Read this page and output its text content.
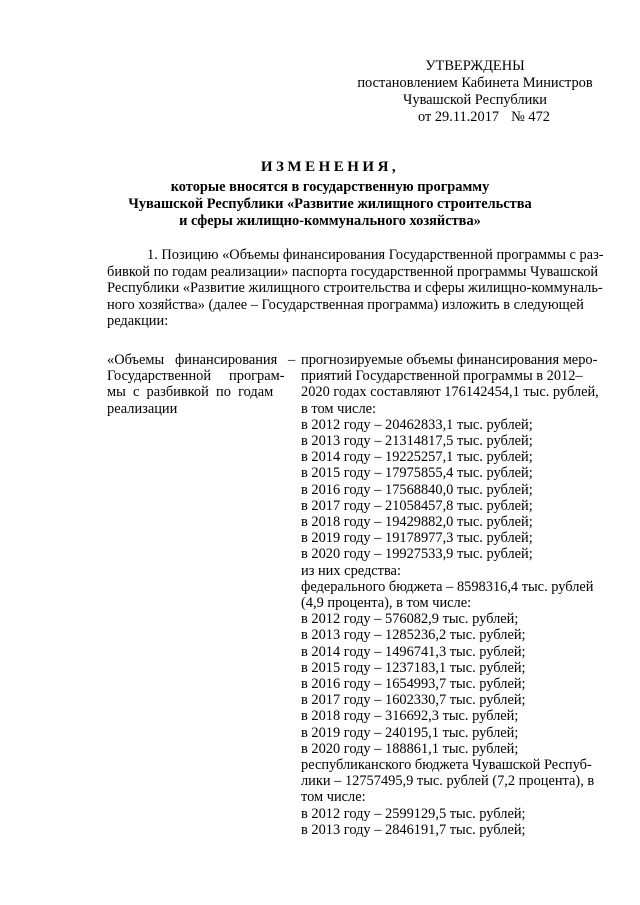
УТВЕРЖДЕНЫ
постановлением Кабинета Министров
Чувашской Республики
от 29.11.2017 № 472
ИЗМЕНЕНИЯ,
которые вносятся в государственную программу
Чувашской Республики «Развитие жилищного строительства
и сферы жилищно-коммунального хозяйства»
1. Позицию «Объемы финансирования Государственной программы с раз-
бивкой по годам реализации» паспорта государственной программы Чувашской
Республики «Развитие жилищного строительства и сферы жилищно-коммуналь-
ного хозяйства» (далее – Государственная программа) изложить в следующей
редакции:
«Объемы   финансирования   –
Государственной     програм-
мы  с  разбивкой  по  годам
реализации
прогнозируемые объемы финансирования меро-
приятий Государственной программы в 2012–
2020 годах составляют 176142454,1 тыс. рублей,
в том числе:
в 2012 году – 20462833,1 тыс. рублей;
в 2013 году – 21314817,5 тыс. рублей;
в 2014 году – 19225257,1 тыс. рублей;
в 2015 году – 17975855,4 тыс. рублей;
в 2016 году – 17568840,0 тыс. рублей;
в 2017 году – 21058457,8 тыс. рублей;
в 2018 году – 19429882,0 тыс. рублей;
в 2019 году – 19178977,3 тыс. рублей;
в 2020 году – 19927533,9 тыс. рублей;
из них средства:
федерального бюджета – 8598316,4 тыс. рублей
(4,9 процента), в том числе:
в 2012 году – 576082,9 тыс. рублей;
в 2013 году – 1285236,2 тыс. рублей;
в 2014 году – 1496741,3 тыс. рублей;
в 2015 году – 1237183,1 тыс. рублей;
в 2016 году – 1654993,7 тыс. рублей;
в 2017 году – 1602330,7 тыс. рублей;
в 2018 году – 316692,3 тыс. рублей;
в 2019 году – 240195,1 тыс. рублей;
в 2020 году – 188861,1 тыс. рублей;
республиканского бюджета Чувашской Респуб-
лики – 12757495,9 тыс. рублей (7,2 процента), в
том числе:
в 2012 году – 2599129,5 тыс. рублей;
в 2013 году – 2846191,7 тыс. рублей;
